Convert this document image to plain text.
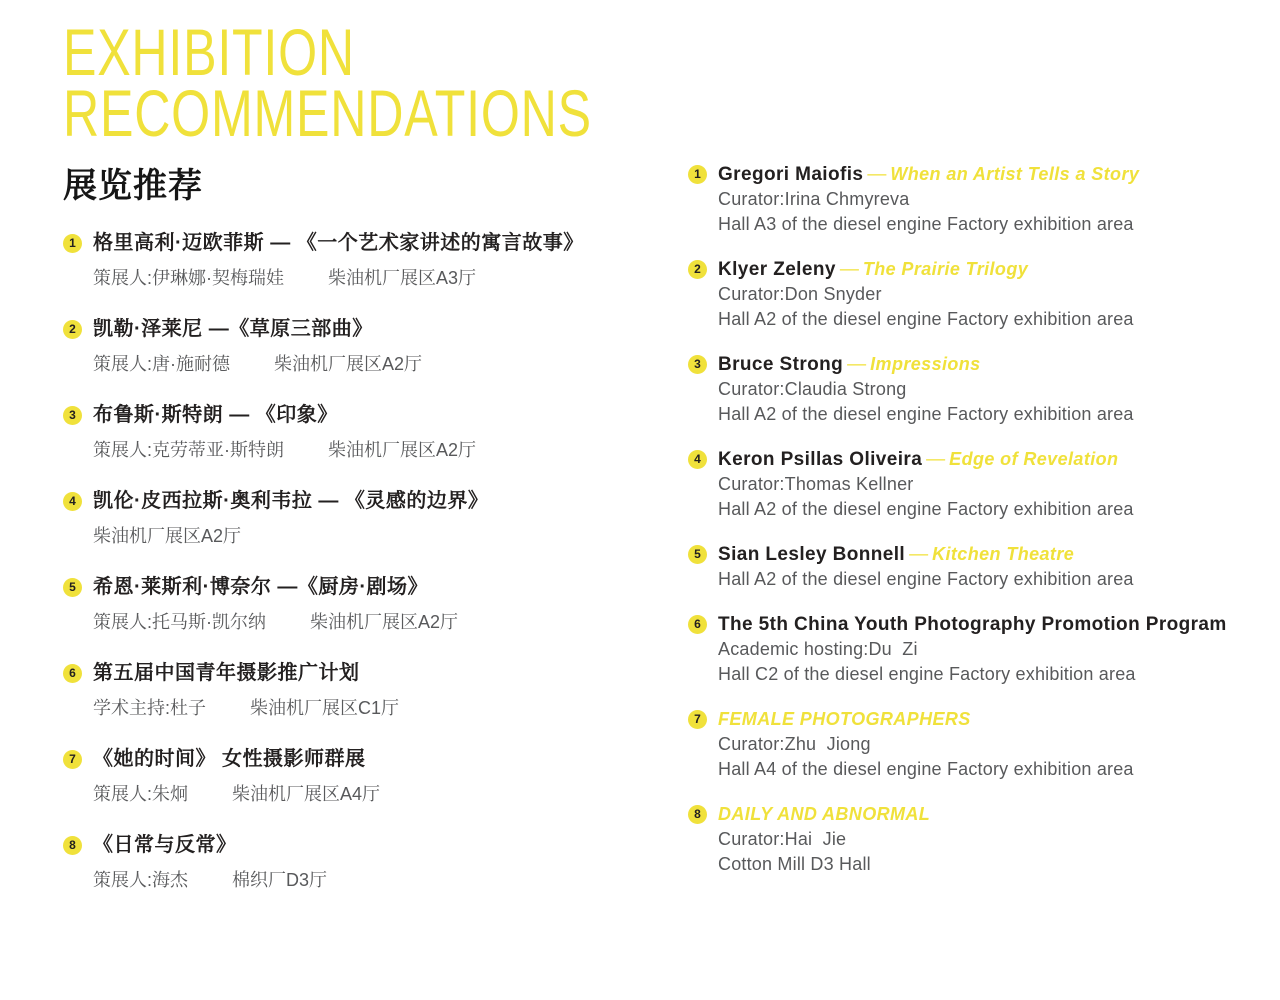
EXHIBITION
RECOMMENDATIONS
展览推荐
1 格里高利·迈欧菲斯 — 《一个艺术家讲述的寓言故事》
策展人:伊琳娜·契梅瑞娃 柴油机厂展区A3厅
2 凯勒·泽莱尼 —《草原三部曲》
策展人:唐·施耐德 柴油机厂展区A2厅
3 布鲁斯·斯特朗 — 《印象》
策展人:克劳蒂亚·斯特朗 柴油机厂展区A2厅
4 凯伦·皮西拉斯·奥利韦拉 — 《灵感的边界》
柴油机厂展区A2厅
5 希恩·莱斯利·博奈尔 —《厨房·剧场》
策展人:托马斯·凯尔纳 柴油机厂展区A2厅
6 第五届中国青年摄影推广计划
学术主持:杜子 柴油机厂展区C1厅
7 《她的时间》 女性摄影师群展
策展人:朱炯 柴油机厂展区A4厅
8 《日常与反常》
策展人:海杰 棉织厂D3厅
1 Gregori Maiofis — When an Artist Tells a Story
Curator:Irina Chmyreva
Hall A3 of the diesel engine Factory exhibition area
2 Klyer Zeleny — The Prairie Trilogy
Curator:Don Snyder
Hall A2 of the diesel engine Factory exhibition area
3 Bruce Strong — Impressions
Curator:Claudia Strong
Hall A2 of the diesel engine Factory exhibition area
4 Keron Psillas Oliveira — Edge of Revelation
Curator:Thomas Kellner
Hall A2 of the diesel engine Factory exhibition area
5 Sian Lesley Bonnell — Kitchen Theatre
Hall A2 of the diesel engine Factory exhibition area
6 The 5th China Youth Photography Promotion Program
Academic hosting:Du  Zi
Hall C2 of the diesel engine Factory exhibition area
7 FEMALE PHOTOGRAPHERS
Curator:Zhu  Jiong
Hall A4 of the diesel engine Factory exhibition area
8 DAILY AND ABNORMAL
Curator:Hai  Jie
Cotton Mill D3 Hall
